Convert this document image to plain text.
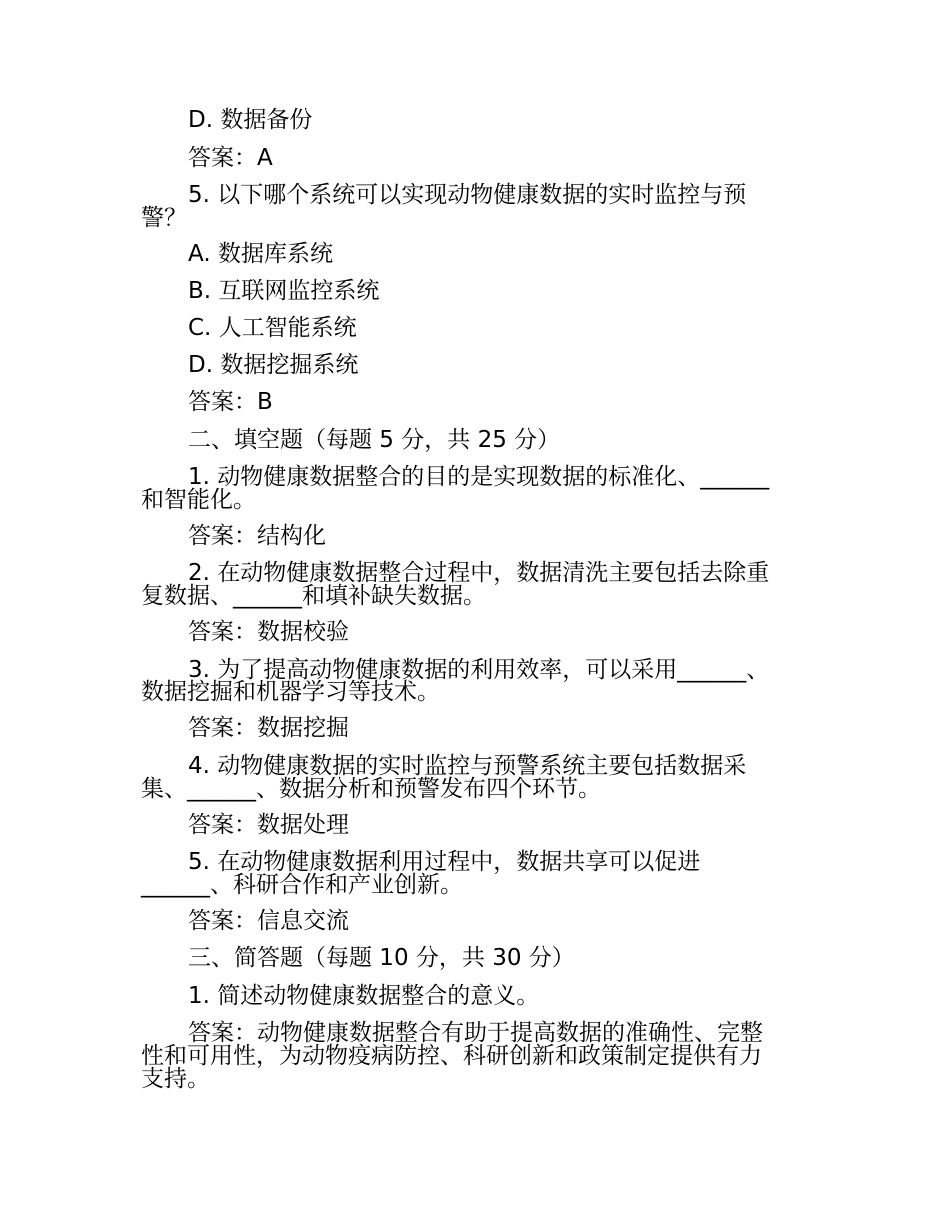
D. 数据备份
答案：A
5. 以下哪个系统可以实现动物健康数据的实时监控与预
警？
A. 数据库系统
B. 互联网监控系统
C. 人工智能系统
D. 数据挖掘系统
答案：B
二、填空题（每题 5 分，共 25 分）
1. 动物健康数据整合的目的是实现数据的标准化、______
和智能化。
答案：结构化
2. 在动物健康数据整合过程中，数据清洗主要包括去除重
复数据、______和填补缺失数据。
答案：数据校验
3. 为了提高动物健康数据的利用效率，可以采用______、
数据挖掘和机器学习等技术。
答案：数据挖掘
4. 动物健康数据的实时监控与预警系统主要包括数据采
集、______、数据分析和预警发布四个环节。
答案：数据处理
5. 在动物健康数据利用过程中，数据共享可以促进
______、科研合作和产业创新。
答案：信息交流
三、简答题（每题 10 分，共 30 分）
1. 简述动物健康数据整合的意义。
答案：动物健康数据整合有助于提高数据的准确性、完整
性和可用性，为动物疫病防控、科研创新和政策制定提供有力
支持。
